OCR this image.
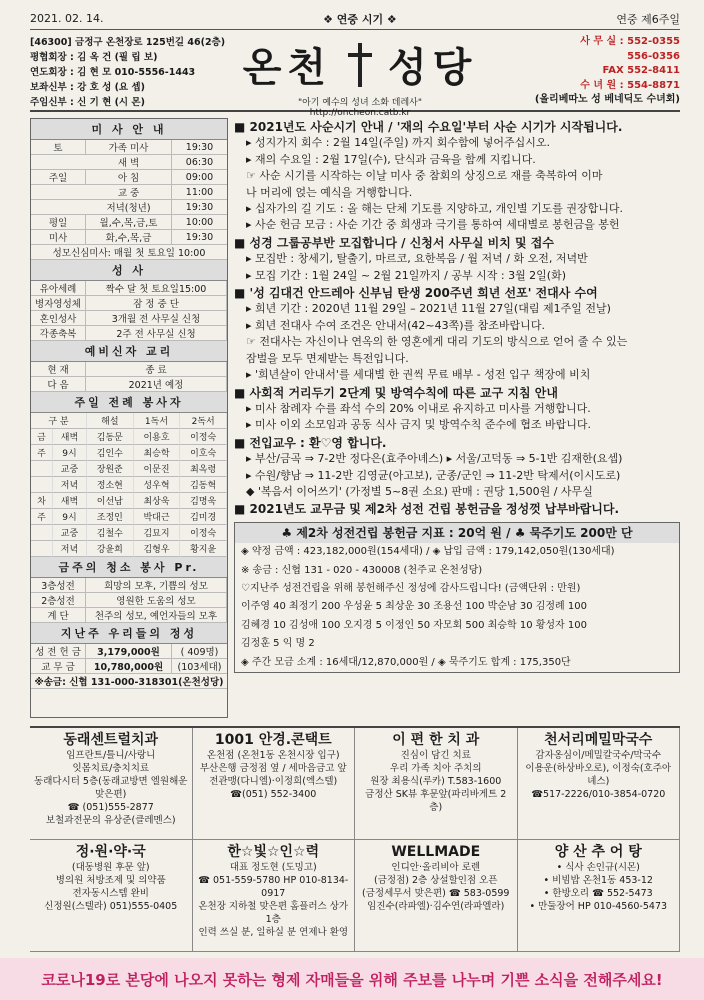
2021. 02. 14.	❖ 연중 시기 ❖	연중 제6주일
[46300] 금정구 온천장로 125번길 46(2층)
평협회장 : 김 옥 건 (필 립 보)
연도회장 : 김 현 모 010-5556-1443
보좌신부 : 강 호 성 (요 셉)
주임신부 : 신 기 현 (시 몬)
온천 성당
"아기 예수의 성녀 소화 데레사"
http://oncheon.catb.kr
사 무 실 : 552-0355
556-0356
FAX 552-8411
수 녀 원 : 554-8871
(올리베따노 성 베네딕도 수녀회)
미 사 안 내
토	가족 미사	19:30
새 벽	06:30
주일	아 침	09:00
교 중	11:00
저녁(청년)	19:30
평일	월,수,목,금,토	10:00
미사	화,수,목,금	19:30
성모신심미사: 매월 첫 토요일 10:00
성 사
유아세례	짝수 달 첫 토요일15:00
병자영성체	잠 정 중 단
혼인성사	3개월 전 사무실 신청
각종축복	2주 전 사무실 신청
예비신자 교리
현 재	종 료
다 음	2021년 예정
주일 전례 봉사자
구 분	해설	1독서	2독서
금	새벽	김동문	이용호	이정숙
주	9시	김인수	최승학	이호숙
교중	장원준	이문진	최옥령
저녁	정소현	성우혁	김동혁
차	새벽	이선남	최상욱	김명욱
주	9시	조정인	박대근	김미경
교중	김철수	김묘지	이정숙
저녁	강윤희	김형우	황지윤
금주의 청소 봉사 Pr.
3층성전	희망의 모후, 기쁨의 성모
2층성전	영원한 도움의 성모
계 단	천주의 성모, 예언자들의 모후
지난주 우리들의 정성
성 전 헌 금	3,179,000원	( 409명)
교 무 금	10,780,000원	(103세대)
※송금: 신협 131-000-318301(온천성당)
■ 2021년도 사순시기 안내 / '재의 수요일'부터 사순 시기가 시작됩니다.
▸ 성지가지 회수 : 2월 14일(주일) 까지 회수함에 넣어주십시오.
▸ 재의 수요일 : 2월 17일(수), 단식과 금육을 함께 지킵니다.
☞ 사순 시기를 시작하는 이날 미사 중 참회의 상징으로 재를 축복하여 이마
나 머리에 얹는 예식을 거행합니다.
▸ 십자가의 길 기도 : 올 해는 단체 기도를 지양하고, 개인별 기도를 권장합니다.
▸ 사순 헌금 모금 : 사순 기간 중 희생과 극기를 통하여 세대별로 봉헌금을 봉헌
■ 성경 그룹공부반 모집합니다 / 신청서 사무실 비치 및 접수
▸ 모집반 : 창세기, 탈출기, 마르코, 요한복음 / 월 저녁 / 화 오전, 저녁반
▸ 모집 기간 : 1월 24일 ~ 2월 21일까지 / 공부 시작 : 3월 2일(화)
■ '성 김대건 안드레아 신부님 탄생 200주년 희년 선포' 전대사 수여
▸ 희년 기간 : 2020년 11월 29일 – 2021년 11월 27일(대림 제1주일 전날)
▸ 희년 전대사 수여 조건은 안내서(42~43쪽)를 참조바랍니다.
☞ 전대사는 자신이나 연옥의 한 영혼에게 대리 기도의 방식으로 얻어 줄 수 있는
잠벌을 모두 면제받는 특전입니다.
▸ '희년살이 안내서'를 세대별 한 권씩 무료 배부 - 성전 입구 책장에 비치
■ 사회적 거리두기 2단계 및 방역수칙에 따른 교구 지침 안내
▸ 미사 참례자 수를 좌석 수의 20% 이내로 유지하고 미사를 거행합니다.
▸ 미사 이외 소모임과 공동 식사 금지 및 방역수칙 준수에 협조 바랍니다.
■ 전입교우 : 환♡영 합니다.
▸ 부산/금곡 ⇒ 7-2반 정다은(효주아녜스) ▸ 서울/고덕동 ⇒ 5-1반 김재한(요셉)
▸ 수원/향남 ⇒ 11-2반 김영균(아고보), 군종/군인 ⇒ 11-2반 탁제서(이시도로)
◆ '복음서 이어쓰기' (가정별 5~8권 소요) 판매 : 권당 1,500원 / 사무실
■ 2021년도 교무금 및 제2차 성전 건립 봉헌금을 정성껏 납부바랍니다.
♣ 제2차 성전건립 봉헌금 지표 : 20억 원 / ♣ 묵주기도 200만 단
◈ 약정 금액 : 423,182,000원(154세대) / ◈ 납입 금액 : 179,142,050원(130세대)
※ 송금 : 신협 131 - 020 - 430008 (천주교 온천성당)
♡지난주 성전건립을 위해 봉헌해주신 정성에 감사드립니다! (금액단위 : 만원)
이주영 40 최정기 200 우성윤 5 최상운 30 조용선 100 박순남 30 김정례 100
김혜경 10 김성애 100 오지경 5 이정인 50 자모회 500 최승학 10 황성자 100
김정훈 5 익 명 2
◈ 주간 모금 소계 : 16세대/12,870,000원 / ◈ 묵주기도 합계 : 175,350단
동래센트럴치과
임프란트/틀니/사랑니
잇몸치료/충치치료
동래다시터 5층(동래교방면 엘원해운 맞은편)
☎ (051)555-2877
보철과전문의 유상준(클레멘스)
1001 안경.콘택트
온천점 (온천1동 온천시장 입구)
부산은행 금정점 옆 / 세마음금고 앞
전관맹(다니엘)·이정희(엑스텔)
☎(051) 552-3400
이 편 한 치 과
진심이 담긴 치료
우리 가족 치아 주치의
원장 최용식(루카) T.583-1600
금정산 SK뷰 후문앞(파리바게트 2층)
천서리메밀막국수
감자옹심이/메밀칼국수/막국수
이용운(하상바오로), 이정숙(호주아녜스)
☎517-2226/010-3854-0720
정·원·약·국
(대동병원 후문 앞)
병의원 처방조제 및 의약품
전자동시스템 완비
신정원(스텔라) 051)555-0405
한☆빛☆인☆력
대표 정도현 (도밍고)
☎ 051-559-5780 HP 010-8134-0917
온천장 지하철 맞은편 홈플러스 상가 1층
인력 쓰실 분, 일하실 분 연제나 환영
WELLMADE
인디안·올리비아 로렌
(금정점) 2층 상설할인점 오픈
(금정세무서 맞은편) ☎ 583-0599
임진수(라파엘)·김수연(라파엘라)
양 산 추 어 탕
• 식사 손인규(시몬)
• 비빔밥 온천1동 453-12
• 한방오리 ☎ 552-5473
• 만둘장어 HP 010-4560-5473
코로나19로 본당에 나오지 못하는 형제 자매들을 위해 주보를 나누며 기쁜 소식을 전해주세요!
